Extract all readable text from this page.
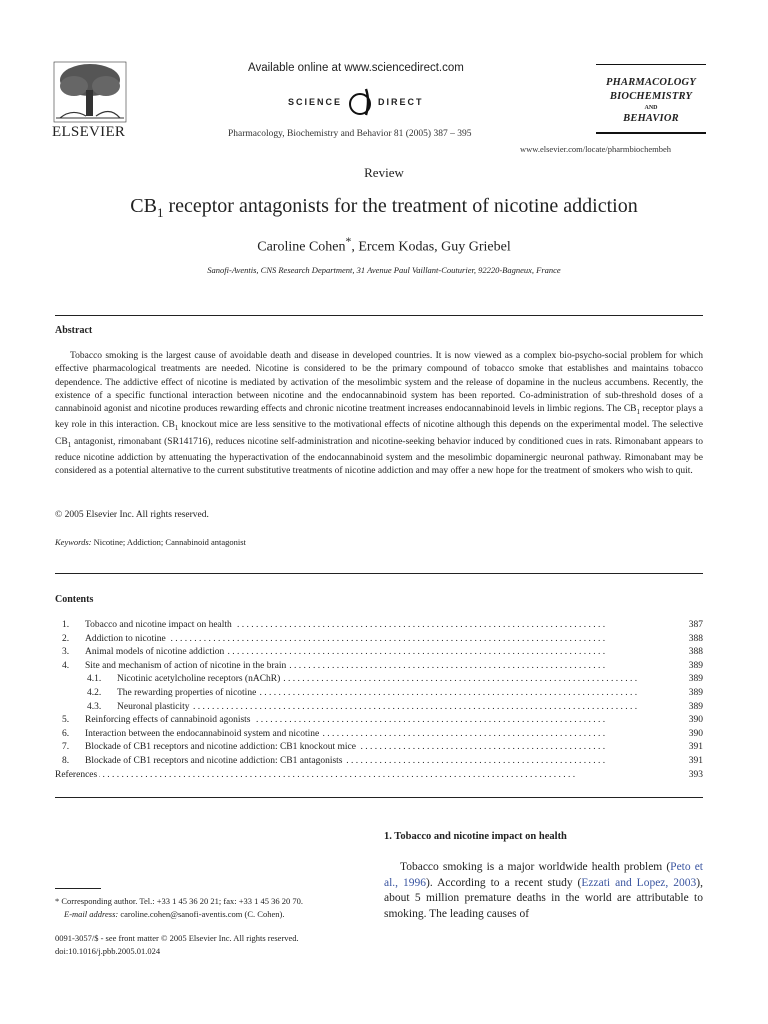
ELSEVIER
Available online at www.sciencedirect.com
SCIENCE	DIRECT
Pharmacology, Biochemistry and Behavior 81 (2005) 387 – 395
PHARMACOLOGY
BIOCHEMISTRY
AND
BEHAVIOR
www.elsevier.com/locate/pharmbiochembeh
Review
$CB_1$ receptor antagonists for the treatment of nicotine addiction
Caroline Cohen*, Ercem Kodas, Guy Griebel
Sanofi-Aventis, CNS Research Department, 31 Avenue Paul Vaillant-Couturier, 92220-Bagneux, France
Abstract
Tobacco smoking is the largest cause of avoidable death and disease in developed countries. It is now viewed as a complex bio-psycho-social problem for which effective pharmacological treatments are needed. Nicotine is considered to be the primary compound of tobacco smoke that establishes and maintains tobacco dependence. The addictive effect of nicotine is mediated by activation of the mesolimbic system and the release of dopamine in the nucleus accumbens. Recently, the existence of a specific functional interaction between nicotine and the endocannabinoid system has been reported. Co-administration of sub-threshold doses of a cannabinoid agonist and nicotine produces rewarding effects and chronic nicotine treatment increases endocannabinoid levels in limbic regions. The $CB_1$ receptor plays a key role in this interaction. $CB_1$ knockout mice are less sensitive to the motivational effects of nicotine although this depends on the experimental model. The selective $CB_1$ antagonist, rimonabant (SR141716), reduces nicotine self-administration and nicotine-seeking behavior induced by conditioned cues in rats. Rimonabant appears to reduce nicotine addiction by attenuating the hyperactivation of the endocannabinoid system and the mesolimbic dopaminergic neuronal pathway. Rimonabant may be considered as a potential alternative to the current substitutive treatments of nicotine addiction and may offer a new hope for the treatment of smokers who wish to quit.
© 2005 Elsevier Inc. All rights reserved.
Keywords: Nicotine; Addiction; Cannabinoid antagonist
Contents
1. Tobacco and nicotine impact on health . . .	387
2. Addiction to nicotine . . .	388
3. Animal models of nicotine addiction . . .	388
4. Site and mechanism of action of nicotine in the brain . . .	389
4.1. Nicotinic acetylcholine receptors (nAChR) . . .	389
4.2. The rewarding properties of nicotine . . .	389
4.3. Neuronal plasticity . . .	389
5. Reinforcing effects of cannabinoid agonists . . .	390
6. Interaction between the endocannabinoid system and nicotine . . .	390
7. Blockade of CB1 receptors and nicotine addiction: CB1 knockout mice . . .	391
8. Blockade of CB1 receptors and nicotine addiction: CB1 antagonists . . .	391
References . . .	393
1. Tobacco and nicotine impact on health
Tobacco smoking is a major worldwide health problem (Peto et al., 1996). According to a recent study (Ezzati and Lopez, 2003), about 5 million premature deaths in the world are attributable to smoking. The leading causes of
* Corresponding author. Tel.: +33 1 45 36 20 21; fax: +33 1 45 36 20 70.
E-mail address: caroline.cohen@sanofi-aventis.com (C. Cohen).
0091-3057/$ - see front matter © 2005 Elsevier Inc. All rights reserved.
doi:10.1016/j.pbb.2005.01.024
